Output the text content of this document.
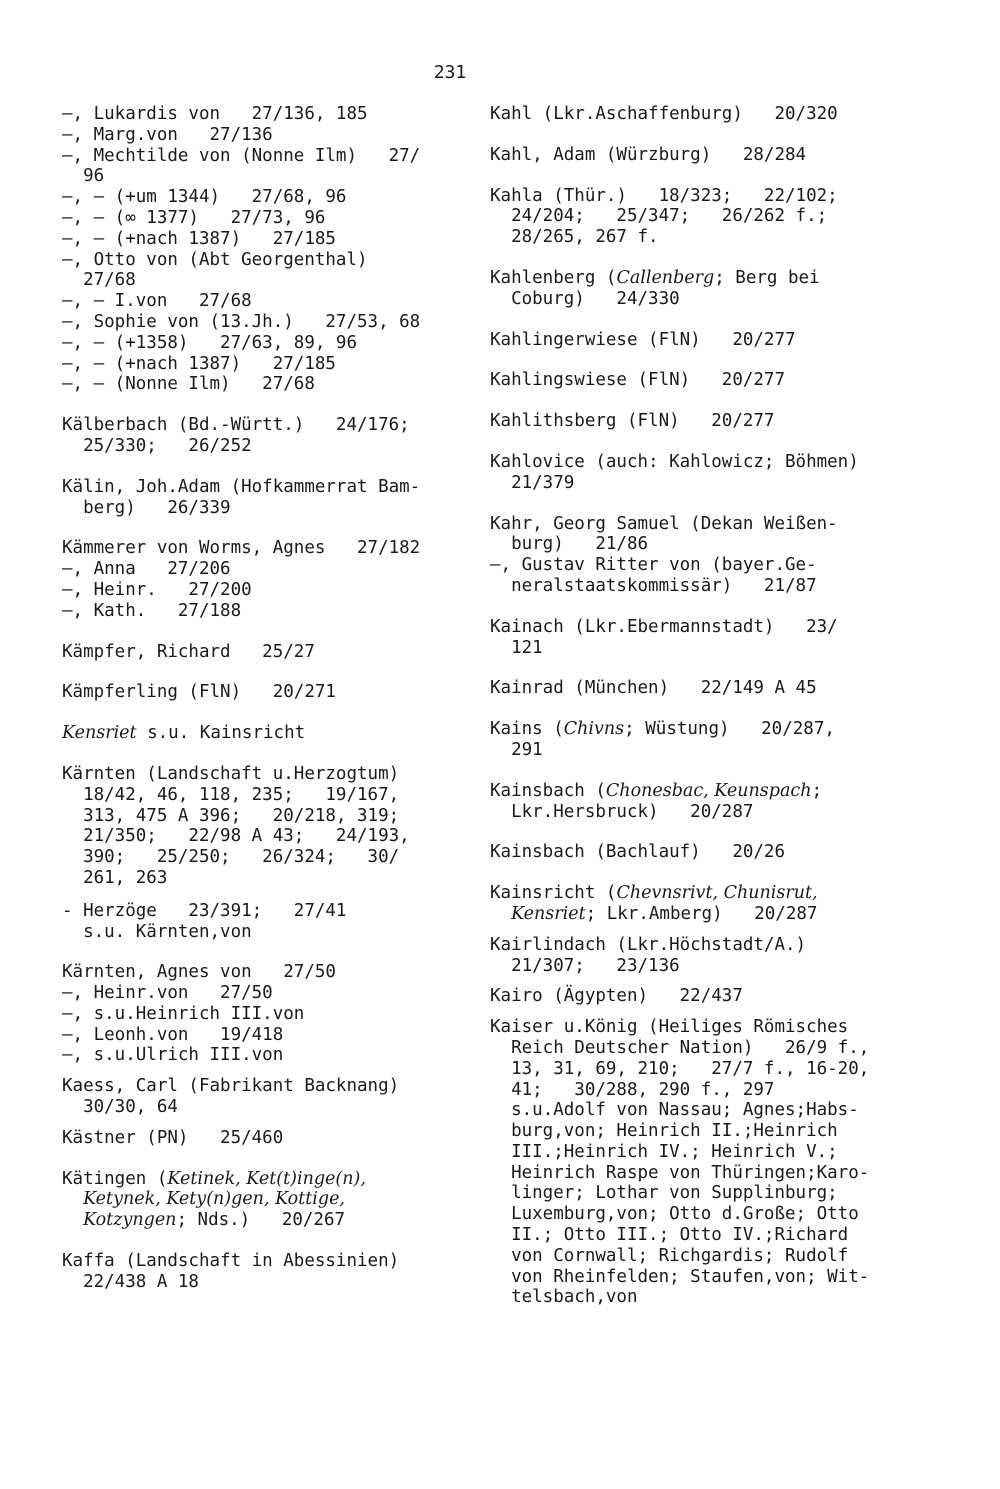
231
—, Lukardis von   27/136, 185
—, Marg.von   27/136
—, Mechtilde von (Nonne Ilm)   27/
96
—, — (+um 1344)   27/68, 96
—, — (∞ 1377)   27/73, 96
—, — (+nach 1387)   27/185
—, Otto von (Abt Georgenthal)
27/68
—, — I.von   27/68
—, Sophie von (13.Jh.)   27/53, 68
—, — (+1358)   27/63, 89, 96
—, — (+nach 1387)   27/185
—, — (Nonne Ilm)   27/68
Kälberbach (Bd.-Württ.)   24/176;
25/330;   26/252
Kälin, Joh.Adam (Hofkammerrat Bam-
berg)   26/339
Kämmerer von Worms, Agnes   27/182
—, Anna   27/206
—, Heinr.   27/200
—, Kath.   27/188
Kämpfer, Richard   25/27
Kämpferling (FlN)   20/271
Kensriet s.u. Kainsricht
Kärnten (Landschaft u.Herzogtum)
18/42, 46, 118, 235;   19/167,
313, 475 A 396;   20/218, 319;
21/350;   22/98 A 43;   24/193,
390;   25/250;   26/324;   30/
261, 263
- Herzöge   23/391;   27/41
s.u. Kärnten,von
Kärnten, Agnes von   27/50
—, Heinr.von   27/50
—, s.u.Heinrich III.von
—, Leonh.von   19/418
—, s.u.Ulrich III.von
Kaess, Carl (Fabrikant Backnang)
30/30, 64
Kästner (PN)   25/460
Kätingen (Ketinek, Ket(t)inge(n),
Ketynek, Kety(n)gen, Kottige,
Kotzyngen; Nds.)   20/267
Kaffa (Landschaft in Abessinien)
22/438 A 18
Kahl (Lkr.Aschaffenburg)   20/320
Kahl, Adam (Würzburg)   28/284
Kahla (Thür.)   18/323;   22/102;
24/204;   25/347;   26/262 f.;
28/265, 267 f.
Kahlenberg (Callenberg; Berg bei
Coburg)   24/330
Kahlingerwiese (FlN)   20/277
Kahlingswiese (FlN)   20/277
Kahlithsberg (FlN)   20/277
Kahlovice (auch: Kahlowicz; Böhmen)
21/379
Kahr, Georg Samuel (Dekan Weißen-
burg)   21/86
—, Gustav Ritter von (bayer.Ge-
neralstaatskommissär)   21/87
Kainach (Lkr.Ebermannstadt)   23/
121
Kainrad (München)   22/149 A 45
Kains (Chivns; Wüstung)   20/287,
291
Kainsbach (Chonesbac, Keunspach;
Lkr.Hersbruck)   20/287
Kainsbach (Bachlauf)   20/26
Kainsricht (Chevnsrivt, Chunisrut,
Kensriet; Lkr.Amberg)   20/287
Kairlindach (Lkr.Höchstadt/A.)
21/307;   23/136
Kairo (Ägypten)   22/437
Kaiser u.König (Heiliges Römisches
Reich Deutscher Nation)   26/9 f.,
13, 31, 69, 210;   27/7 f., 16-20,
41;   30/288, 290 f., 297
s.u.Adolf von Nassau; Agnes;Habs-
burg,von; Heinrich II.;Heinrich
III.;Heinrich IV.; Heinrich V.;
Heinrich Raspe von Thüringen;Karo-
linger; Lothar von Supplinburg;
Luxemburg,von; Otto d.Große; Otto
II.; Otto III.; Otto IV.;Richard
von Cornwall; Richgardis; Rudolf
von Rheinfelden; Staufen,von; Wit-
telsbach,von
